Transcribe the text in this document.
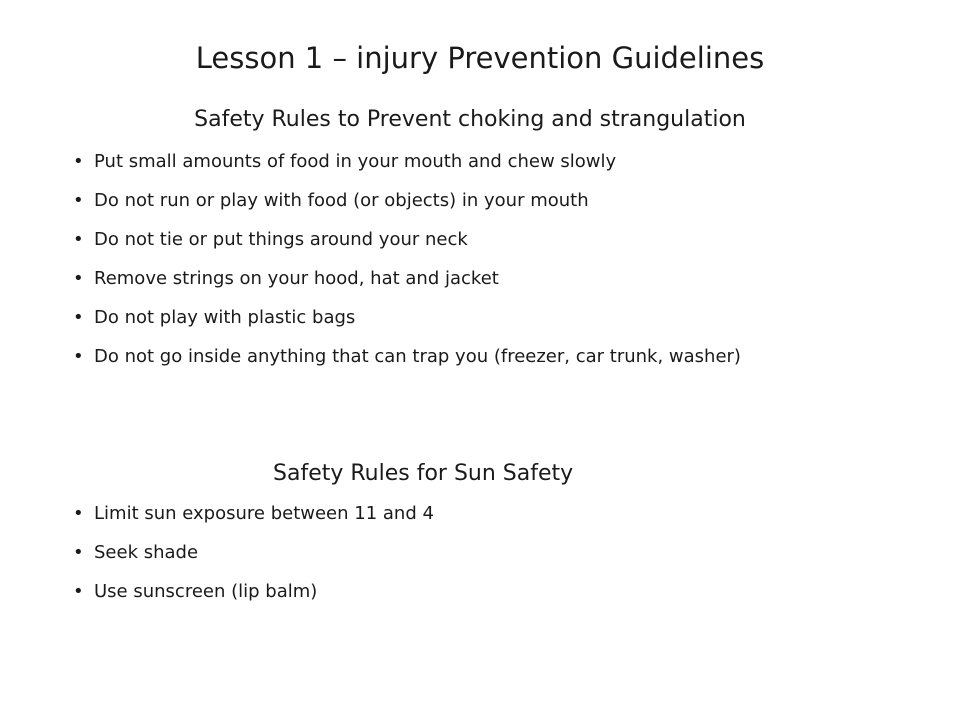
Lesson 1 – injury Prevention Guidelines
Safety Rules to Prevent choking and strangulation
• Put small amounts of food in your mouth and chew slowly
• Do not run or play with food (or objects) in your mouth
• Do not tie or put things around your neck
• Remove strings on your hood, hat and jacket
• Do not play with plastic bags
• Do not go inside anything that can trap you (freezer, car trunk, washer)
Safety Rules for Sun Safety
• Limit sun exposure between 11 and 4
• Seek shade
• Use sunscreen (lip balm)
